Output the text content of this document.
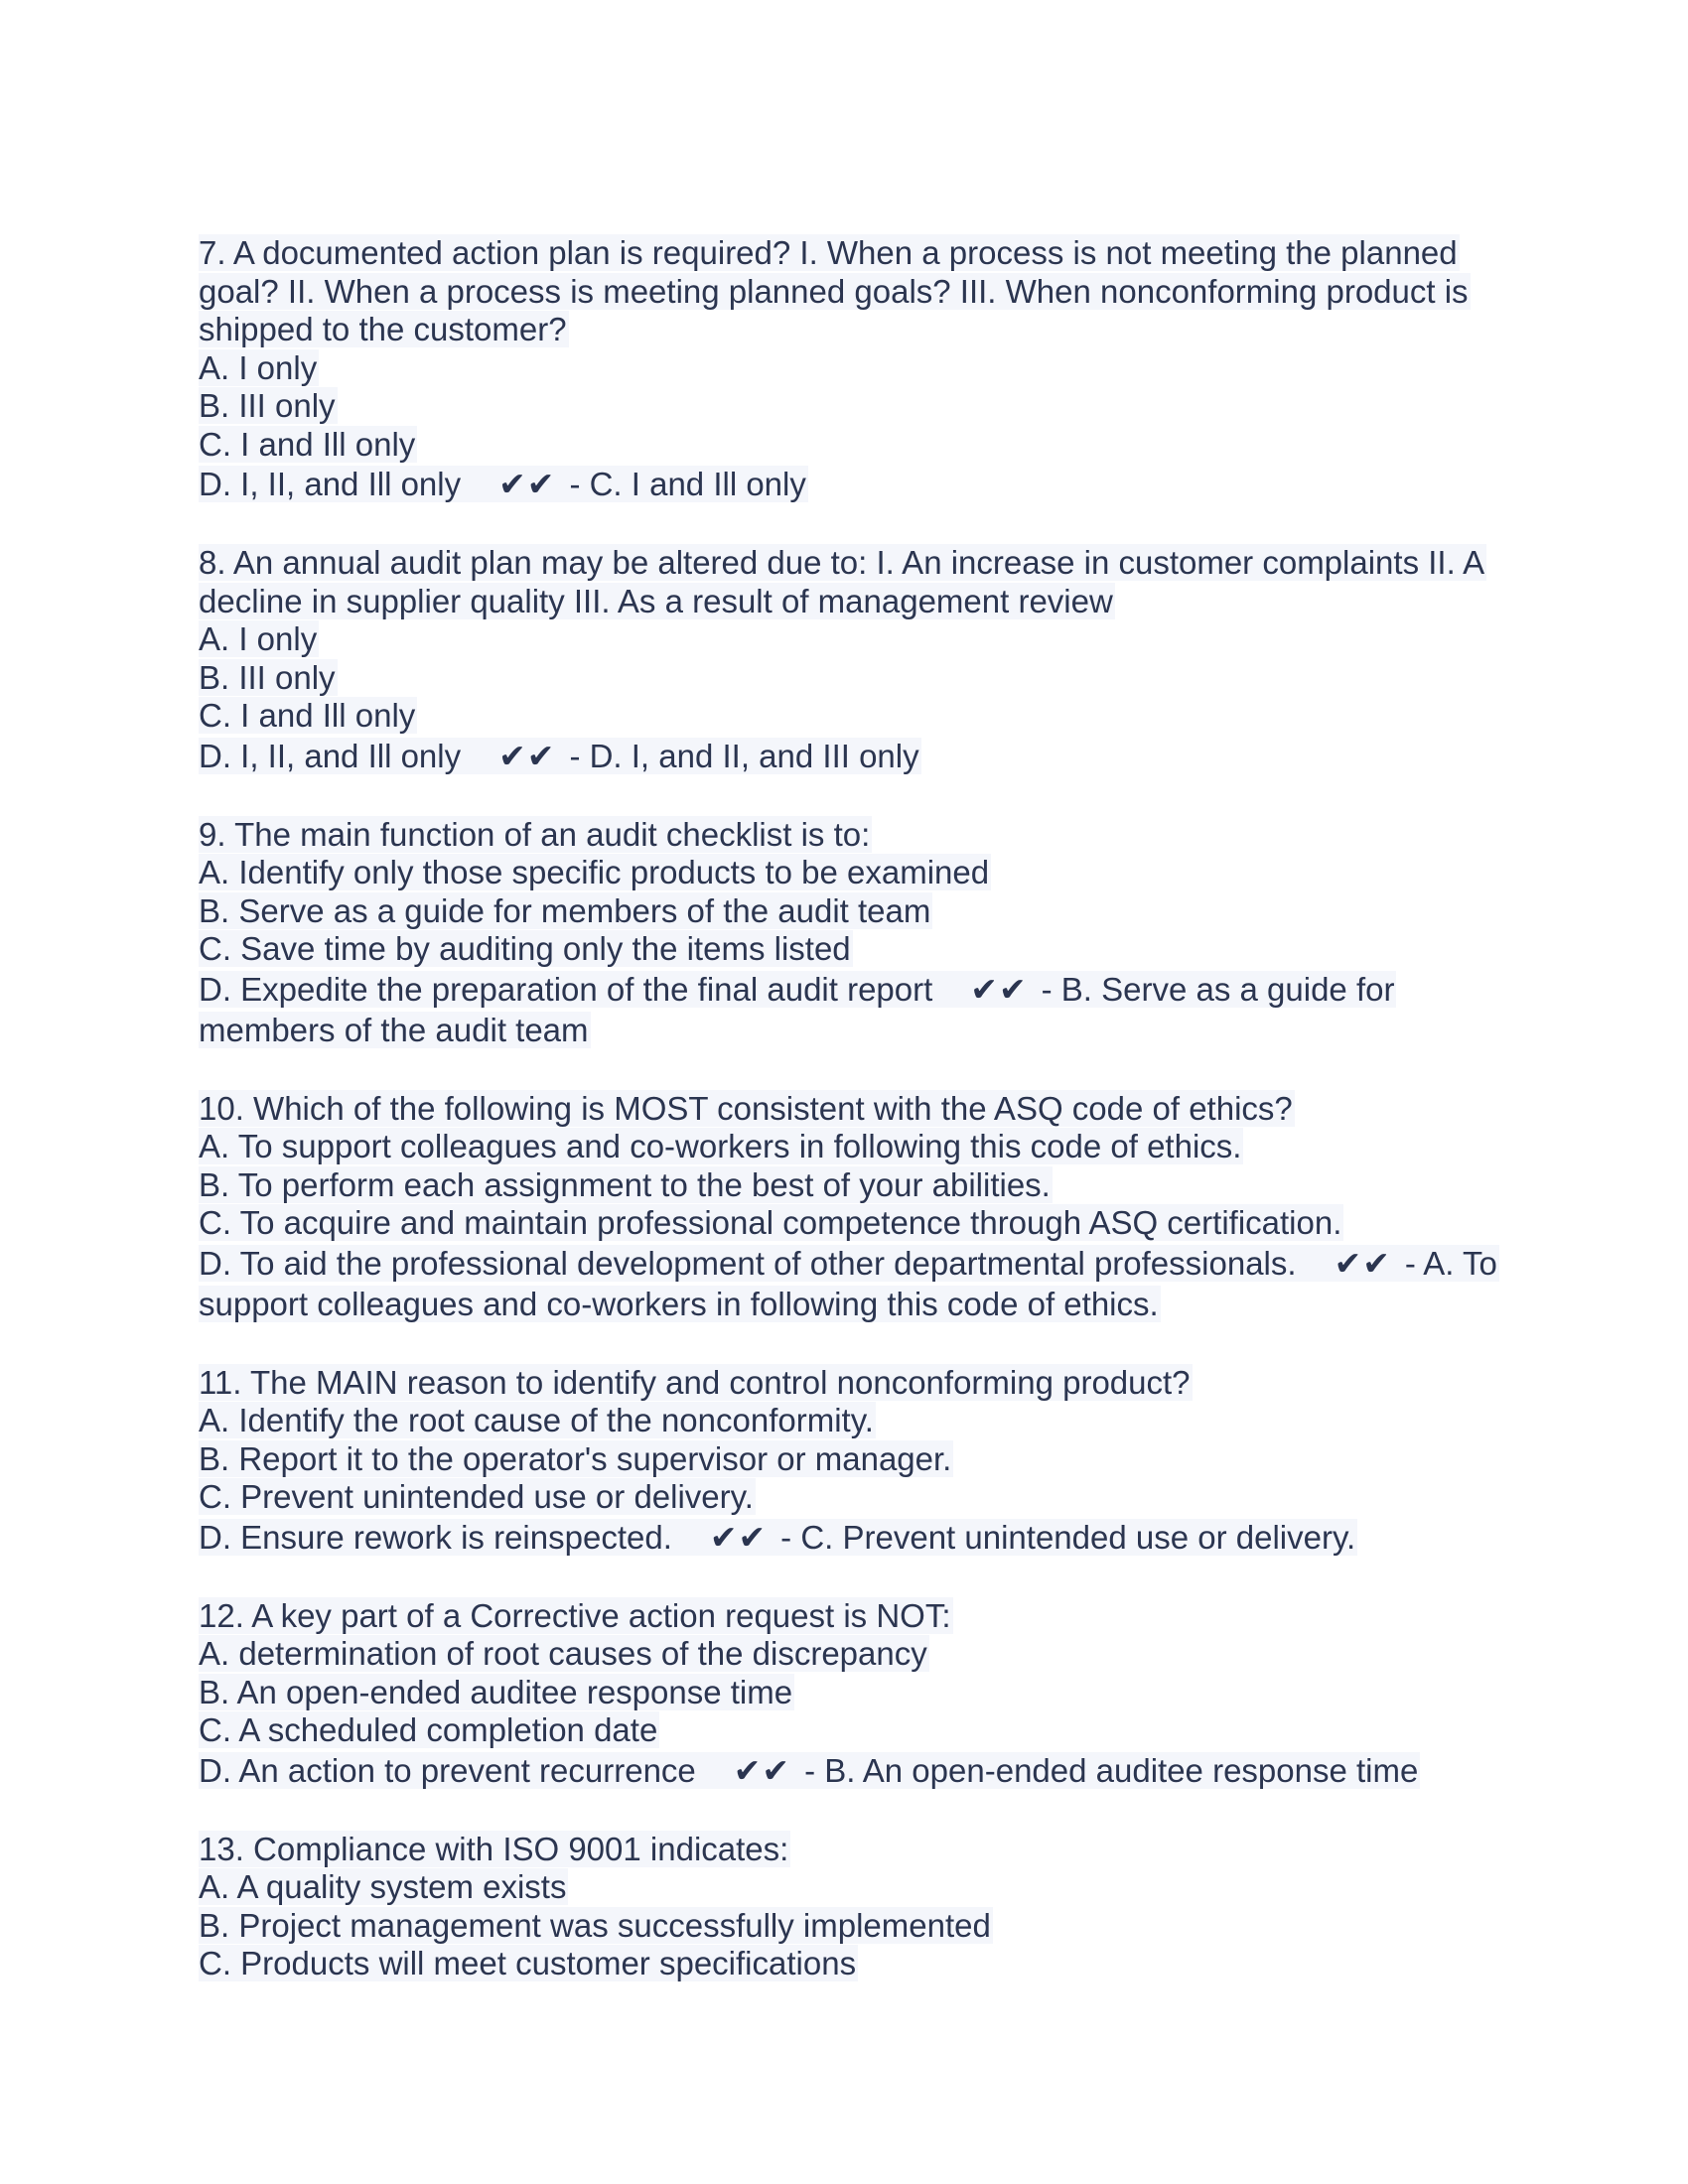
7. A documented action plan is required? I. When a process is not meeting the planned goal? II. When a process is meeting planned goals? III. When nonconforming product is shipped to the customer?
A. I only
B. III only
C. I and Ill only
D. I, II, and Ill only ✔✔ - C. I and Ill only
8. An annual audit plan may be altered due to: I. An increase in customer complaints II. A decline in supplier quality III. As a result of management review
A. I only
B. III only
C. I and Ill only
D. I, II, and Ill only ✔✔ - D. I, and II, and III only
9. The main function of an audit checklist is to:
A. Identify only those specific products to be examined
B. Serve as a guide for members of the audit team
C. Save time by auditing only the items listed
D. Expedite the preparation of the final audit report ✔✔ - B. Serve as a guide for members of the audit team
10. Which of the following is MOST consistent with the ASQ code of ethics?
A. To support colleagues and co-workers in following this code of ethics.
B. To perform each assignment to the best of your abilities.
C. To acquire and maintain professional competence through ASQ certification.
D. To aid the professional development of other departmental professionals. ✔✔ - A. To support colleagues and co-workers in following this code of ethics.
11. The MAIN reason to identify and control nonconforming product?
A. Identify the root cause of the nonconformity.
B. Report it to the operator's supervisor or manager.
C. Prevent unintended use or delivery.
D. Ensure rework is reinspected. ✔✔ - C. Prevent unintended use or delivery.
12. A key part of a Corrective action request is NOT:
A. determination of root causes of the discrepancy
B. An open-ended auditee response time
C. A scheduled completion date
D. An action to prevent recurrence ✔✔ - B. An open-ended auditee response time
13. Compliance with ISO 9001 indicates:
A. A quality system exists
B. Project management was successfully implemented
C. Products will meet customer specifications
